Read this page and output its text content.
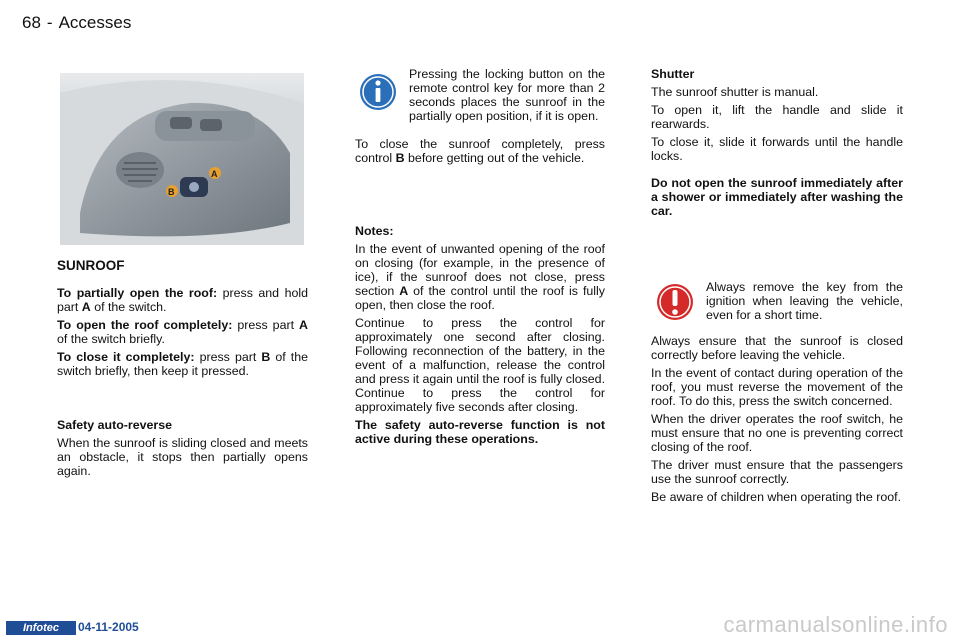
68 - Accesses
A
B
SUNROOF

To partially open the roof: press and hold part A of the switch.

To open the roof completely: press part A of the switch briefly.

To close it completely: press part B of the switch briefly, then keep it pressed.

Safety auto-reverse

When the sunroof is sliding closed and meets an obstacle, it stops then partially opens again.

Pressing the locking button on the remote control key for more than 2 seconds places the sunroof in the partially open position, if it is open.

To close the sunroof completely, press control B before getting out of the vehicle.

Notes:

In the event of unwanted opening of the roof on closing (for example, in the presence of ice), if the sunroof does not close, press section A of the control until the roof is fully open, then close the roof.

Continue to press the control for approximately one second after closing. Following reconnection of the battery, in the event of a malfunction, release the control and press it again until the roof is fully closed. Continue to press the control for approximately five seconds after closing.

The safety auto-reverse function is not active during these operations.

Shutter

The sunroof shutter is manual.

To open it, lift the handle and slide it rearwards.

To close it, slide it forwards until the handle locks.

Do not open the sunroof immediately after a shower or immediately after washing the car.
Always remove the key from the ignition when leaving the vehicle, even for a short time.

Always ensure that the sunroof is closed correctly before leaving the vehicle.

In the event of contact during operation of the roof, you must reverse the movement of the roof. To do this, press the switch concerned.

When the driver operates the roof switch, he must ensure that no one is preventing correct closing of the roof.

The driver must ensure that the passengers use the sunroof correctly.

Be aware of children when operating the roof.

Infotec	04-11-2005	carmanualsonline.info
